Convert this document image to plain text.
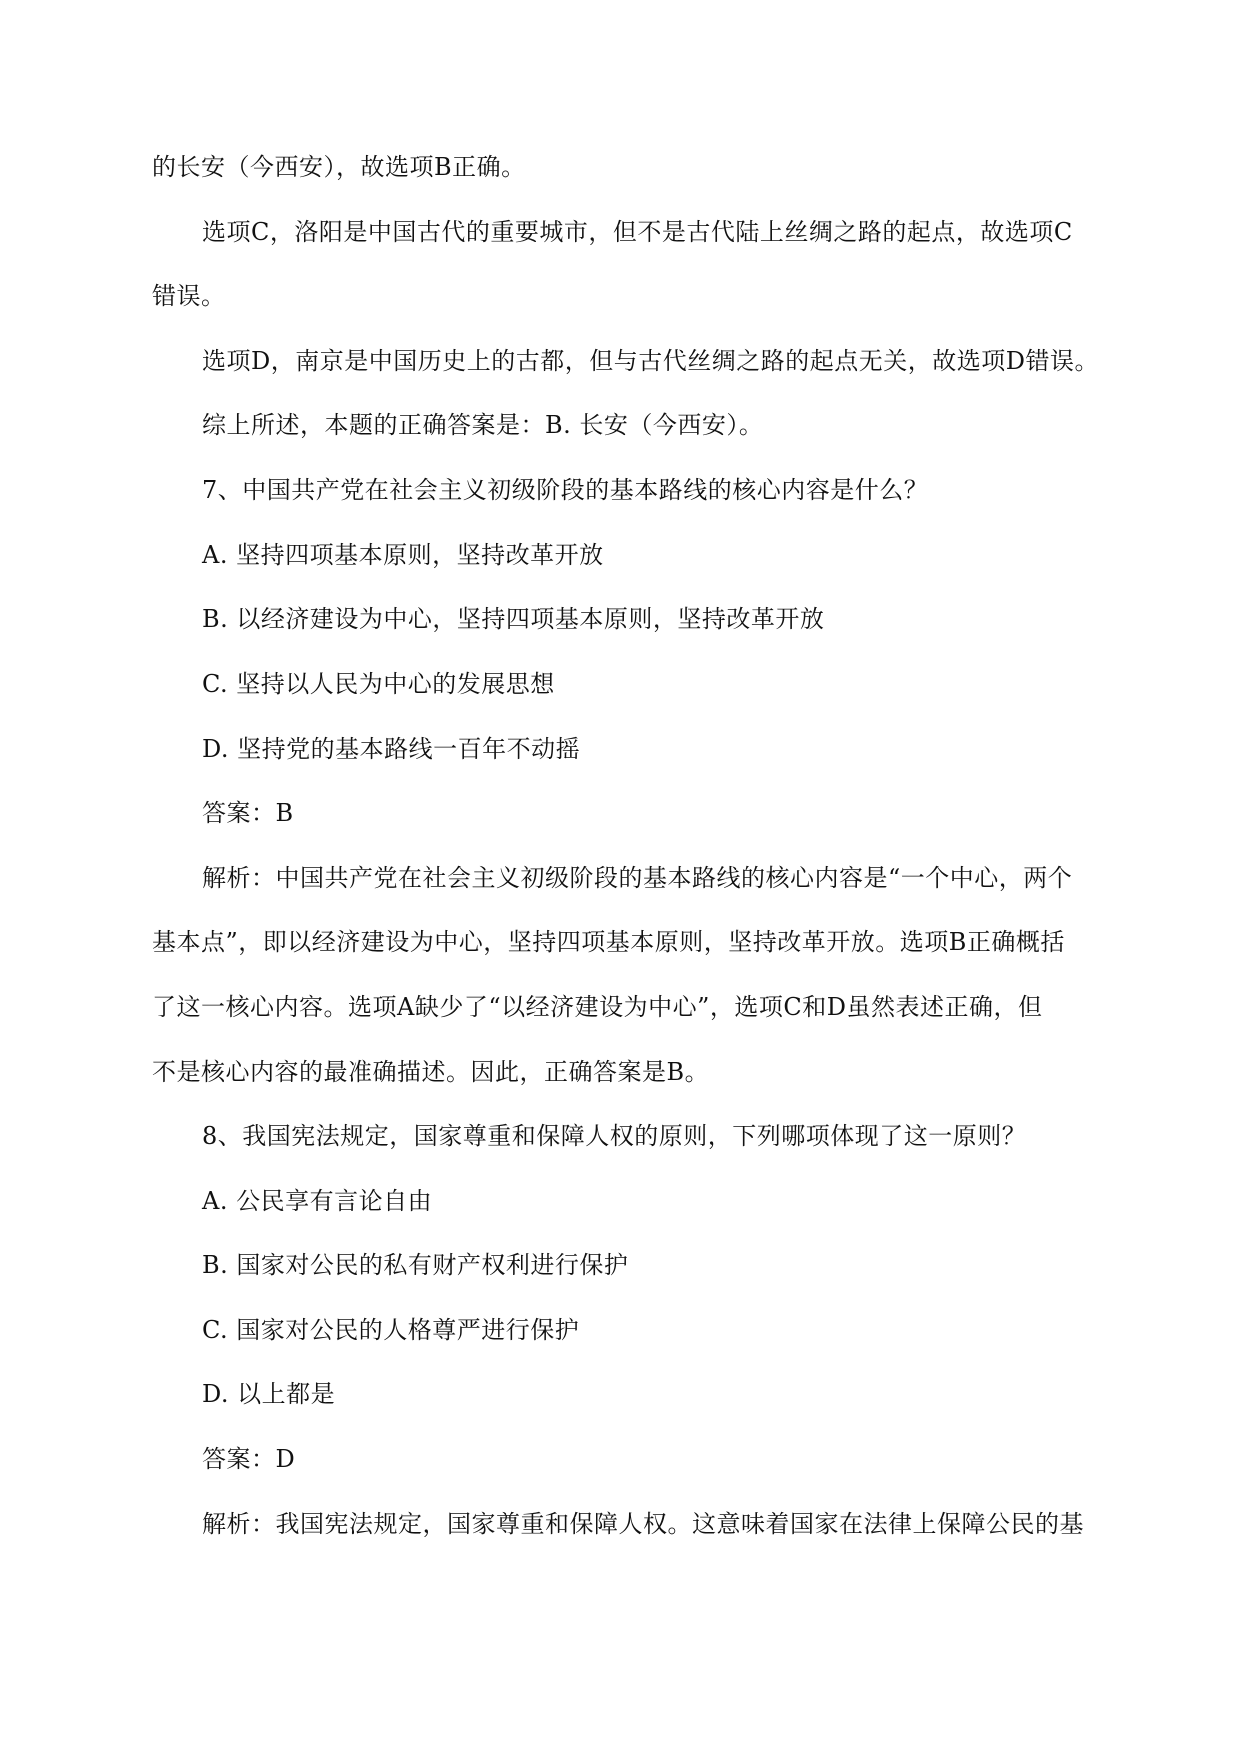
的长安（今西安），故选项B正确。
选项C，洛阳是中国古代的重要城市，但不是古代陆上丝绸之路的起点，故选项C
错误。
选项D，南京是中国历史上的古都，但与古代丝绸之路的起点无关，故选项D错误。
综上所述，本题的正确答案是：B. 长安（今西安）。
7、中国共产党在社会主义初级阶段的基本路线的核心内容是什么？
A. 坚持四项基本原则，坚持改革开放
B. 以经济建设为中心，坚持四项基本原则，坚持改革开放
C. 坚持以人民为中心的发展思想
D. 坚持党的基本路线一百年不动摇
答案：B
解析：中国共产党在社会主义初级阶段的基本路线的核心内容是“一个中心，两个
基本点”，即以经济建设为中心，坚持四项基本原则，坚持改革开放。选项B正确概括
了这一核心内容。选项A缺少了“以经济建设为中心”，选项C和D虽然表述正确，但
不是核心内容的最准确描述。因此，正确答案是B。
8、我国宪法规定，国家尊重和保障人权的原则，下列哪项体现了这一原则？
A. 公民享有言论自由
B. 国家对公民的私有财产权利进行保护
C. 国家对公民的人格尊严进行保护
D. 以上都是
答案：D
解析：我国宪法规定，国家尊重和保障人权。这意味着国家在法律上保障公民的基
